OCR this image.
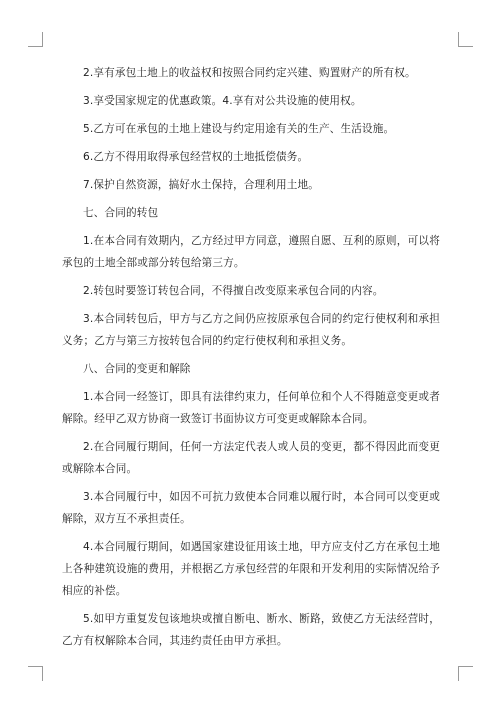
2.享有承包土地上的收益权和按照合同约定兴建、购置财产的所有权。

3.享受国家规定的优惠政策。4.享有对公共设施的使用权。

5.乙方可在承包的土地上建设与约定用途有关的生产、生活设施。

6.乙方不得用取得承包经营权的土地抵偿债务。

7.保护自然资源，搞好水土保持，合理利用土地。

七、合同的转包

1.在本合同有效期内，乙方经过甲方同意，遵照自愿、互利的原则，可以将承包的土地全部或部分转包给第三方。

2.转包时要签订转包合同，不得擅自改变原来承包合同的内容。

3.本合同转包后，甲方与乙方之间仍应按原承包合同的约定行使权利和承担义务；乙方与第三方按转包合同的约定行使权利和承担义务。

八、合同的变更和解除

1.本合同一经签订，即具有法律约束力，任何单位和个人不得随意变更或者解除。经甲乙双方协商一致签订书面协议方可变更或解除本合同。

2.在合同履行期间，任何一方法定代表人或人员的变更，都不得因此而变更或解除本合同。

3.本合同履行中，如因不可抗力致使本合同难以履行时，本合同可以变更或解除，双方互不承担责任。

4.本合同履行期间，如遇国家建设征用该土地，甲方应支付乙方在承包土地上各种建筑设施的费用，并根据乙方承包经营的年限和开发利用的实际情况给予相应的补偿。

5.如甲方重复发包该地块或擅自断电、断水、断路，致使乙方无法经营时，乙方有权解除本合同，其违约责任由甲方承担。
